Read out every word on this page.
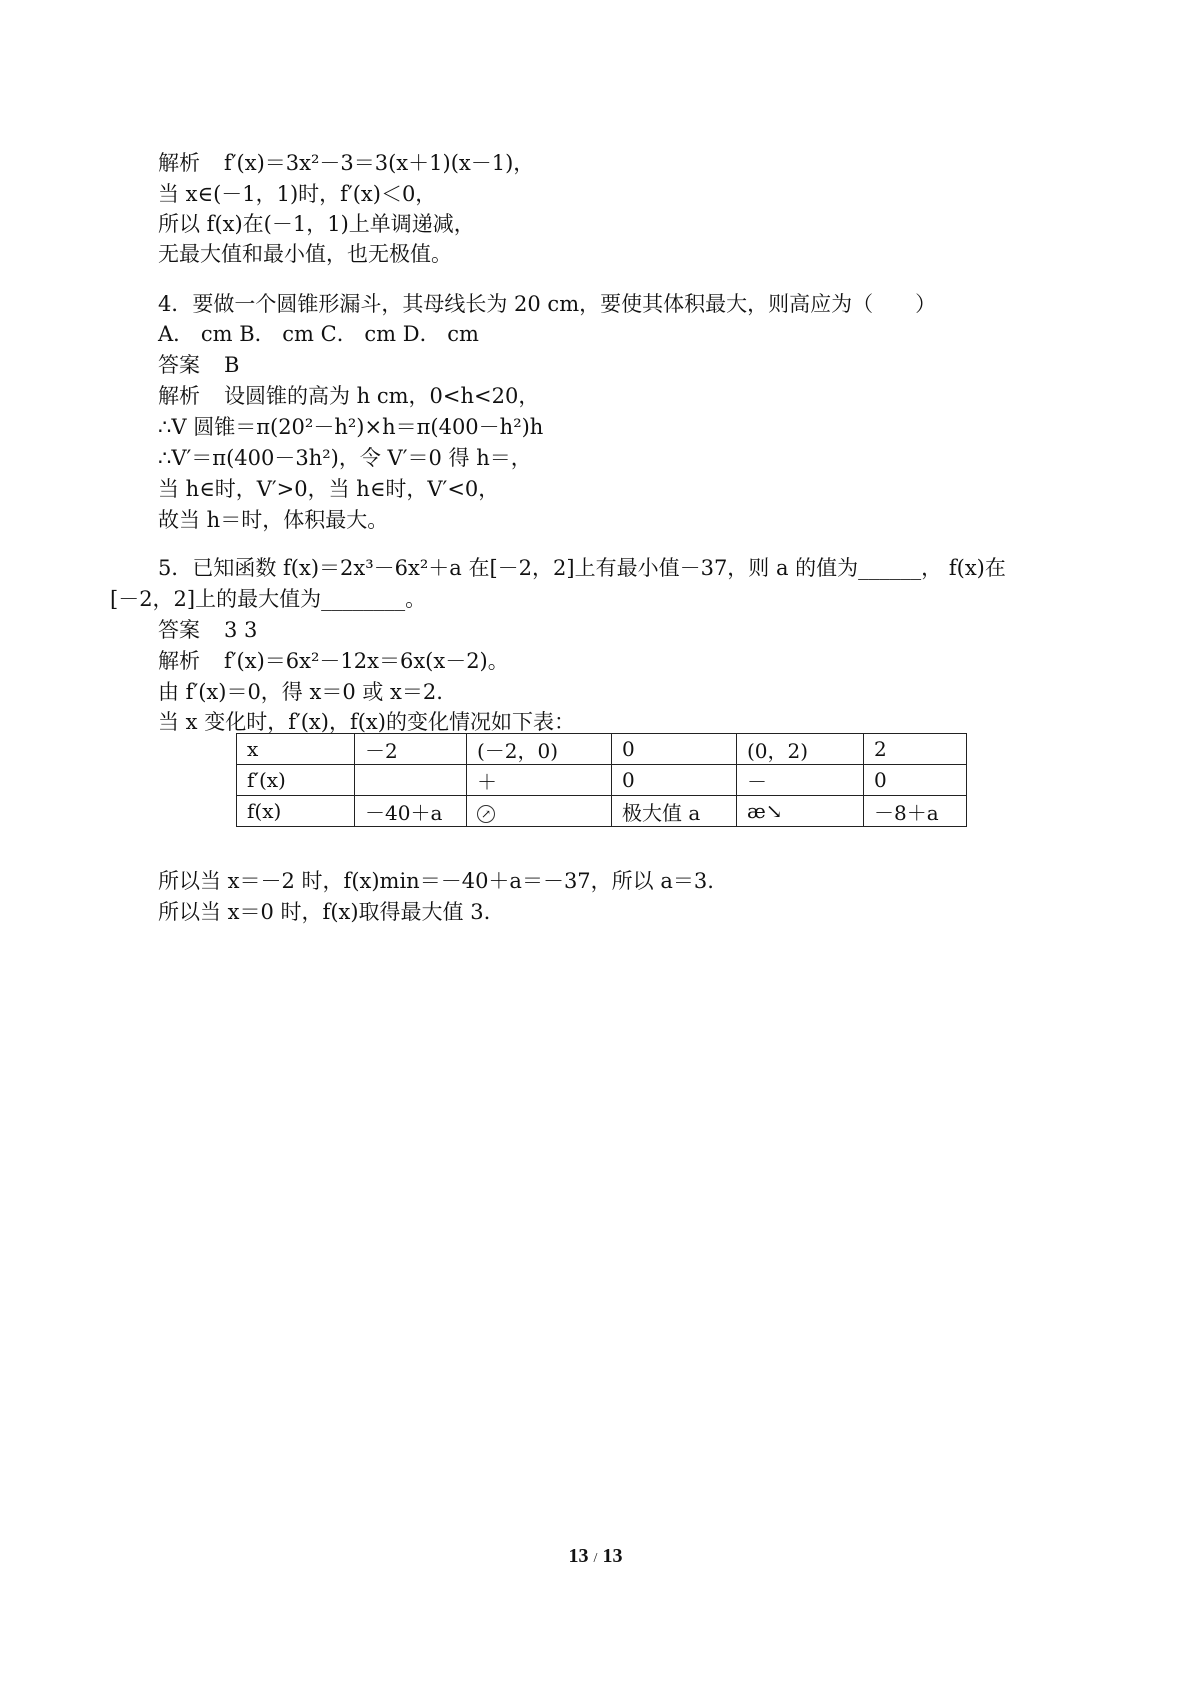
解析 f′(x)＝3x²－3＝3(x＋1)(x－1)，
当 x∈(－1，1)时，f′(x)＜0，
所以 f(x)在(－1，1)上单调递减，
无最大值和最小值，也无极值。
4．要做一个圆锥形漏斗，其母线长为 20 cm，要使其体积最大，则高应为（　　）
A． cm B． cm C． cm D． cm
答案 B
解析 设圆锥的高为 h cm，0<h<20，
∴V 圆锥＝π(20²－h²)×h＝π(400－h²)h
∴V′＝π(400－3h²)，令 V′＝0 得 h＝，
当 h∈时，V′>0，当 h∈时，V′<0，
故当 h＝时，体积最大。
5．已知函数 f(x)＝2x³－6x²＋a 在[－2，2]上有最小值－37，则 a 的值为______， f(x)在
[－2，2]上的最大值为________。
答案 3 3
解析 f′(x)＝6x²－12x＝6x(x－2)。
由 f′(x)＝0，得 x＝0 或 x＝2.
当 x 变化时，f′(x)，f(x)的变化情况如下表：
x	－2	(－2，0)	0	(0，2)	2
f′(x)		＋	0	－	0
f(x)	－40＋a	↗	极大值 a	æ↘	－8＋a
所以当 x＝－2 时，f(x)min＝－40＋a＝－37，所以 a＝3.
所以当 x＝0 时，f(x)取得最大值 3.
13 / 13
